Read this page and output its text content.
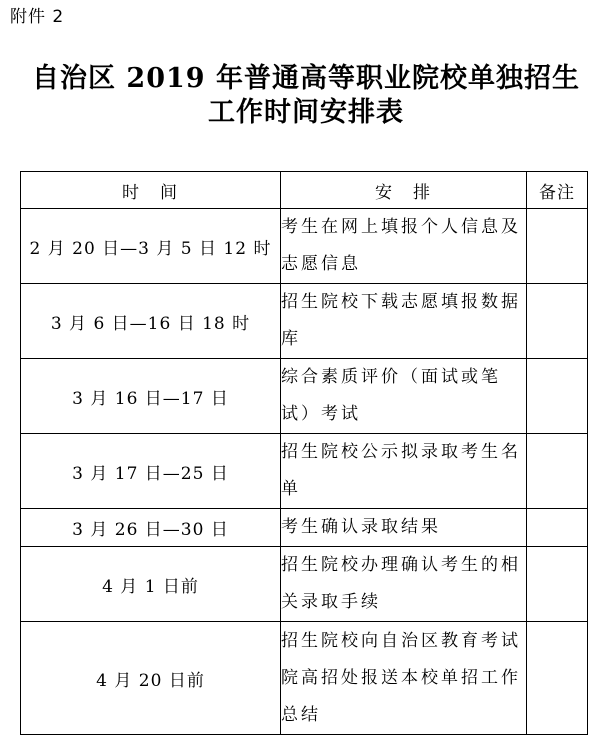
附件 2
自治区 2019 年普通高等职业院校单独招生
工作时间安排表
时　间	安　排	备注
2 月 20 日—3 月 5 日 12 时	考生在网上填报个人信息及志愿信息	
3 月 6 日—16 日 18 时	招生院校下载志愿填报数据库	
3 月 16 日—17 日	综合素质评价（面试或笔试）考试	
3 月 17 日—25 日	招生院校公示拟录取考生名单	
3 月 26 日—30 日	考生确认录取结果	
4 月 1 日前	招生院校办理确认考生的相关录取手续	
4 月 20 日前	招生院校向自治区教育考试院高招处报送本校单招工作总结	
